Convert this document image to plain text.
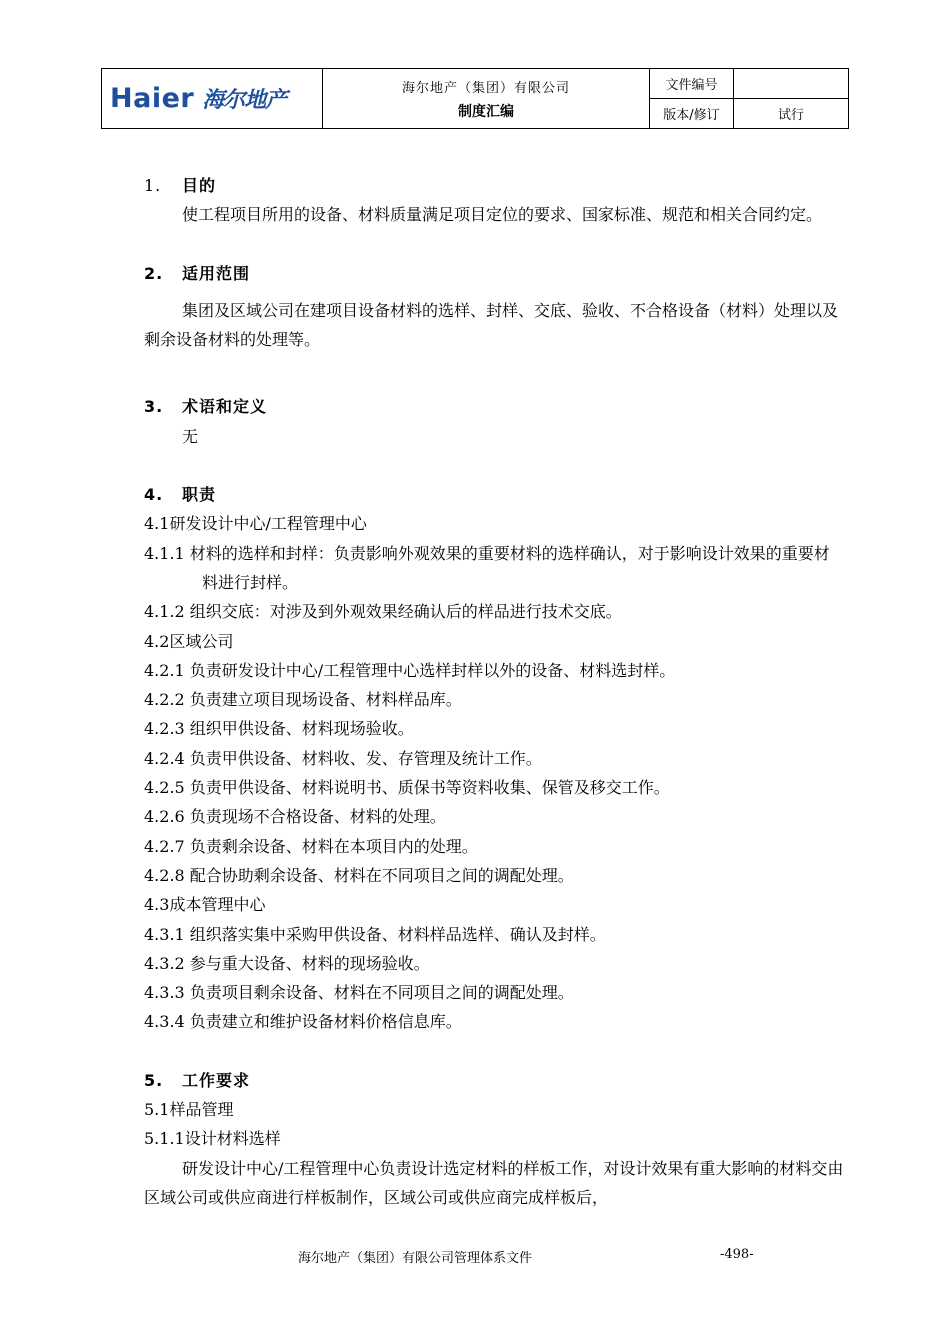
Haier 海尔地产	海尔地产（集团）有限公司
制度汇编
文件编号
版本/修订	试行

1. 目的

使工程项目所用的设备、材料质量满足项目定位的要求、国家标准、规范和相关合同约定。

2. 适用范围

集团及区域公司在建项目设备材料的选样、封样、交底、验收、不合格设备（材料）处理以及剩余设备材料的处理等。

3. 术语和定义

无

4. 职责

4.1研发设计中心/工程管理中心

4.1.1 材料的选样和封样：负责影响外观效果的重要材料的选样确认，对于影响设计效果的重要材料进行封样。

4.1.2 组织交底：对涉及到外观效果经确认后的样品进行技术交底。

4.2区域公司

4.2.1 负责研发设计中心/工程管理中心选样封样以外的设备、材料选封样。

4.2.2 负责建立项目现场设备、材料样品库。

4.2.3 组织甲供设备、材料现场验收。

4.2.4 负责甲供设备、材料收、发、存管理及统计工作。

4.2.5 负责甲供设备、材料说明书、质保书等资料收集、保管及移交工作。

4.2.6 负责现场不合格设备、材料的处理。

4.2.7 负责剩余设备、材料在本项目内的处理。

4.2.8 配合协助剩余设备、材料在不同项目之间的调配处理。

4.3成本管理中心

4.3.1 组织落实集中采购甲供设备、材料样品选样、确认及封样。

4.3.2 参与重大设备、材料的现场验收。

4.3.3 负责项目剩余设备、材料在不同项目之间的调配处理。

4.3.4 负责建立和维护设备材料价格信息库。

5. 工作要求

5.1样品管理

5.1.1设计材料选样

研发设计中心/工程管理中心负责设计选定材料的样板工作，对设计效果有重大影响的材料交由区域公司或供应商进行样板制作，区域公司或供应商完成样板后，

海尔地产（集团）有限公司管理体系文件	-498-
